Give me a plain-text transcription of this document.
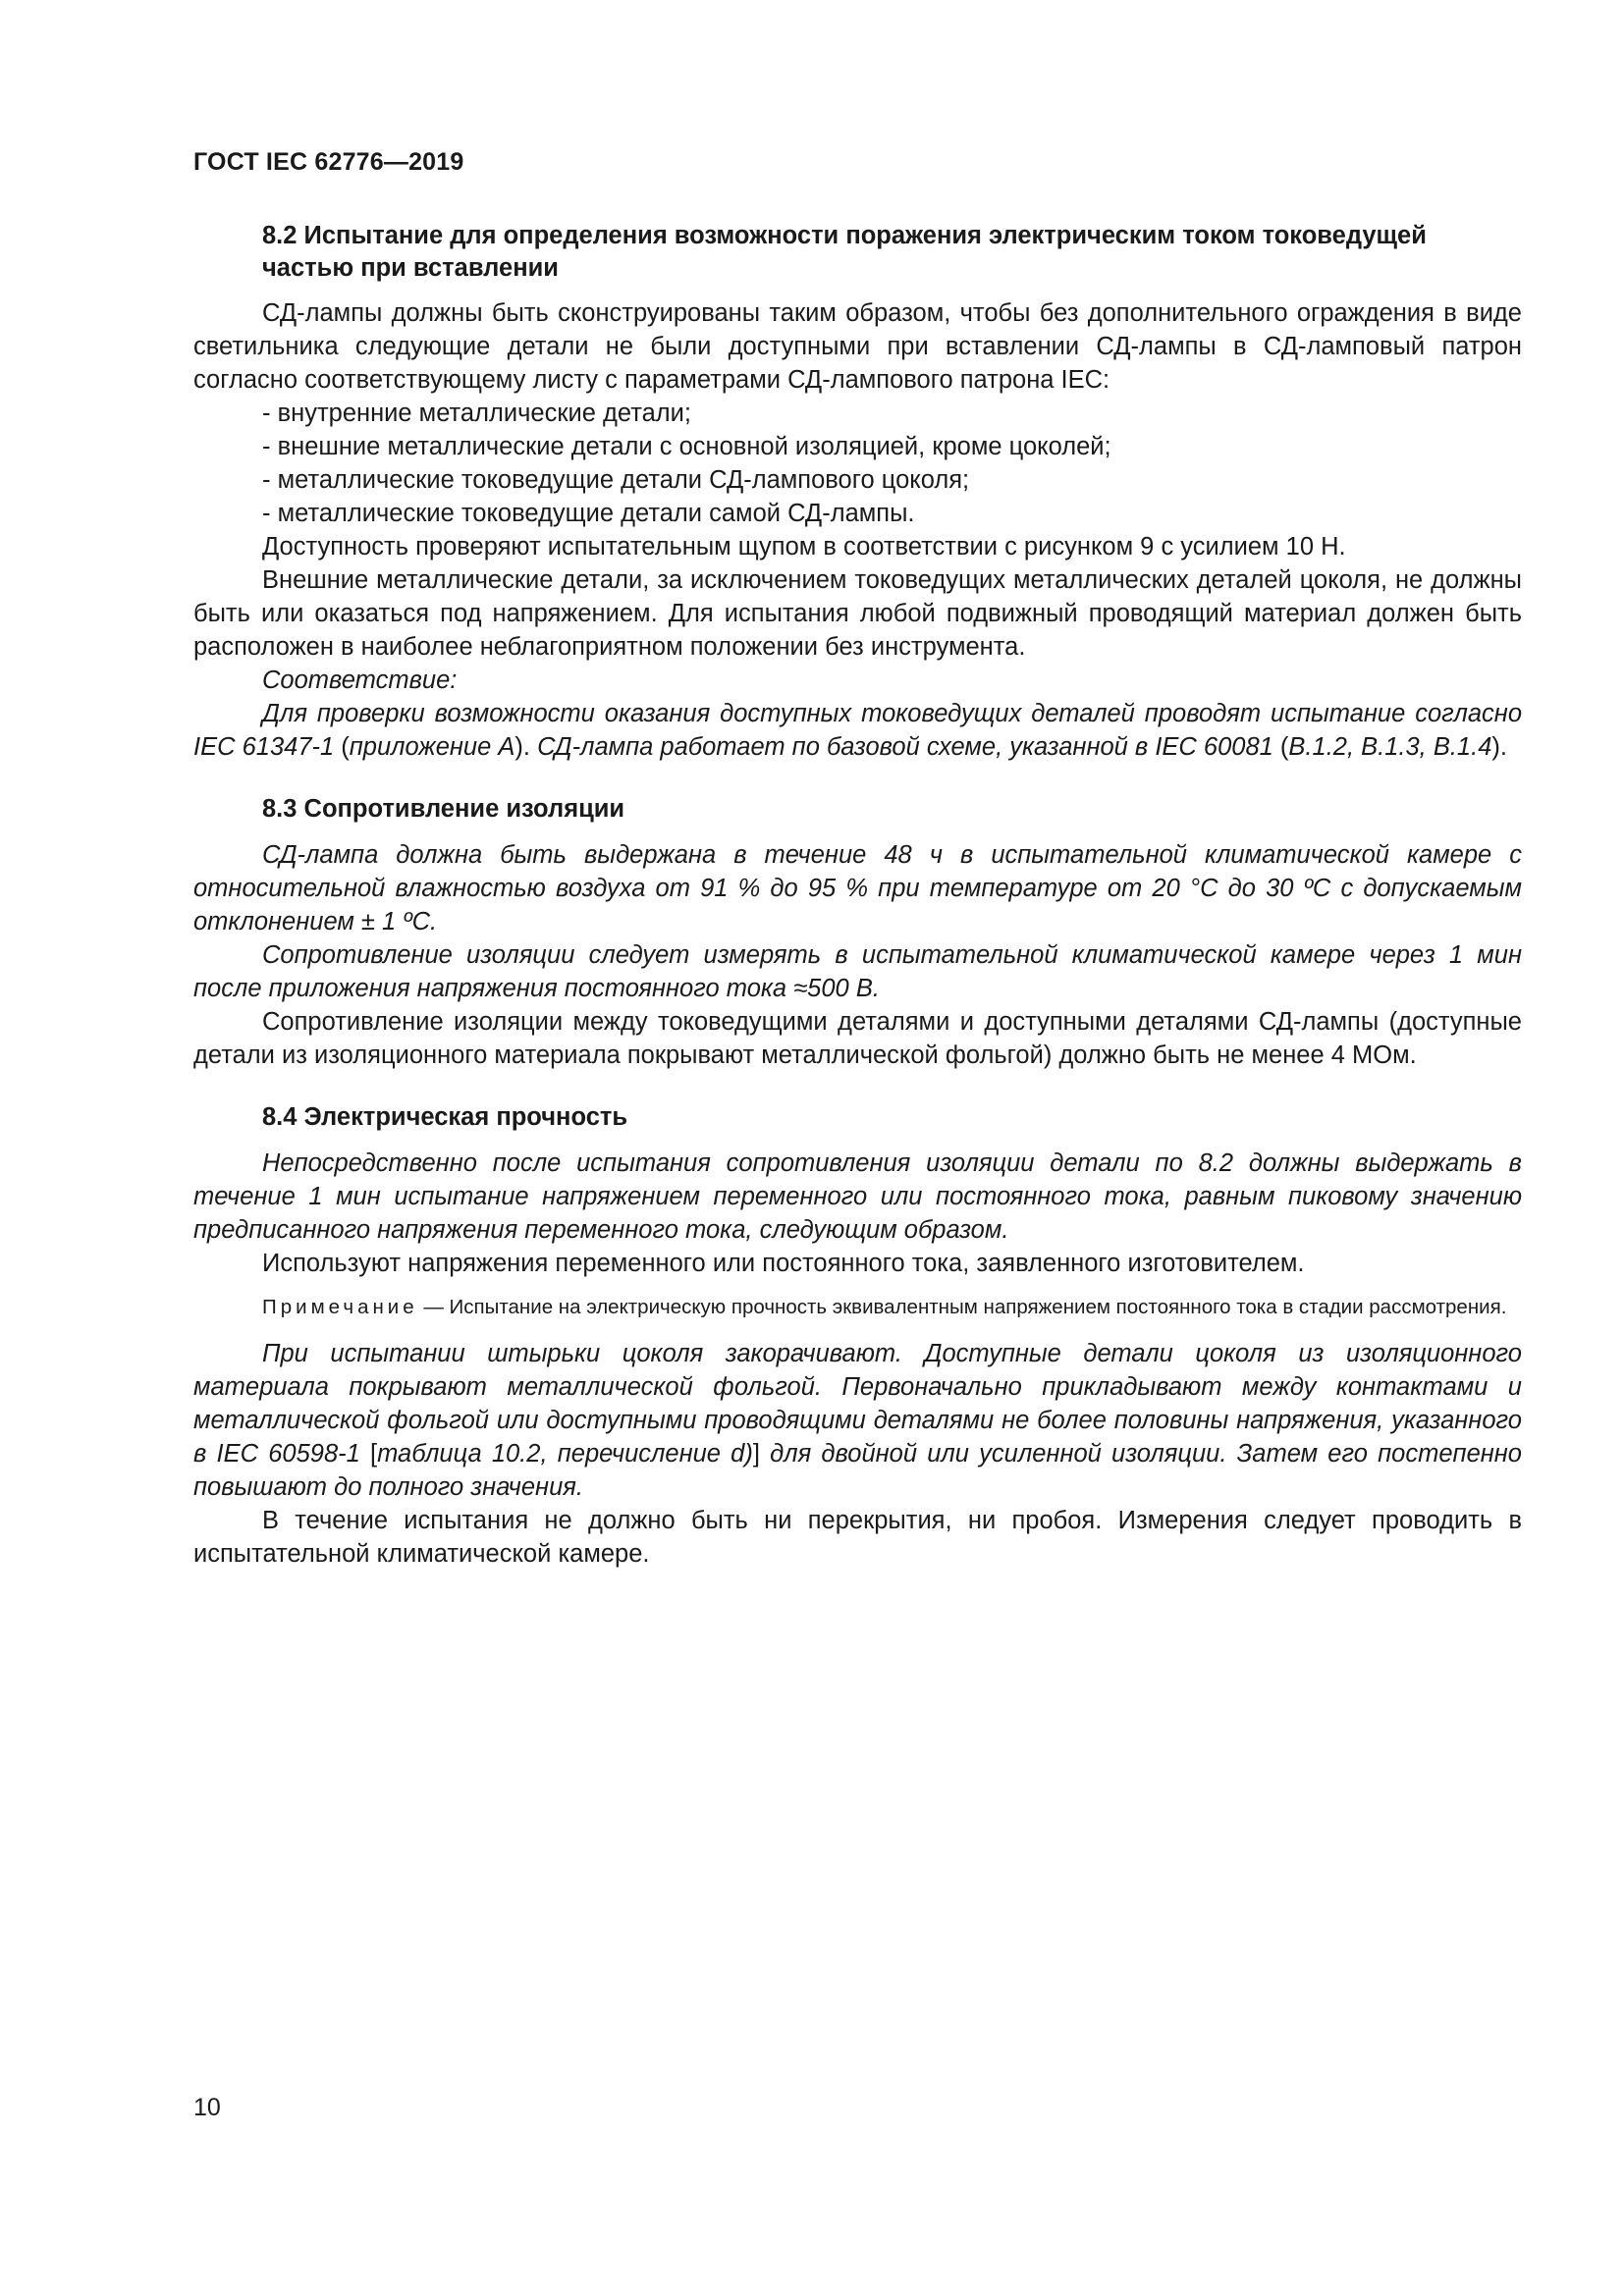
ГОСТ IEC 62776—2019

8.2 Испытание для определения возможности поражения электрическим током токоведущей
частью при вставлении

СД-лампы должны быть сконструированы таким образом, чтобы без дополнительного ограждения в виде светильника следующие детали не были доступными при вставлении СД-лампы в СД-ламповый патрон согласно соответствующему листу с параметрами СД-лампового патрона IEC:

- внутренние металлические детали;

- внешние металлические детали с основной изоляцией, кроме цоколей;

- металлические токоведущие детали СД-лампового цоколя;

- металлические токоведущие детали самой СД-лампы.

Доступность проверяют испытательным щупом в соответствии с рисунком 9 с усилием 10 Н.

Внешние металлические детали, за исключением токоведущих металлических деталей цоколя, не должны быть или оказаться под напряжением. Для испытания любой подвижный проводящий материал должен быть расположен в наиболее неблагоприятном положении без инструмента.

Соответствие:

Для проверки возможности оказания доступных токоведущих деталей проводят испытание согласно IEC 61347-1 (приложение А). СД-лампа работает по базовой схеме, указанной в IEC 60081 (В.1.2, В.1.3, В.1.4).

8.3 Сопротивление изоляции

СД-лампа должна быть выдержана в течение 48 ч в испытательной климатической камере с относительной влажностью воздуха от 91 % до 95 % при температуре от 20 °С до 30 ºС с допускаемым отклонением ± 1 ºС.

Сопротивление изоляции следует измерять в испытательной климатической камере через 1 мин после приложения напряжения постоянного тока ≈500 В.

Сопротивление изоляции между токоведущими деталями и доступными деталями СД-лампы (доступные детали из изоляционного материала покрывают металлической фольгой) должно быть не менее 4 МОм.

8.4 Электрическая прочность

Непосредственно после испытания сопротивления изоляции детали по 8.2 должны выдержать в течение 1 мин испытание напряжением переменного или постоянного тока, равным пиковому значению предписанного напряжения переменного тока, следующим образом.

Используют напряжения переменного или постоянного тока, заявленного изготовителем.

Примечание — Испытание на электрическую прочность эквивалентным напряжением постоянного тока в стадии рассмотрения.

При испытании штырьки цоколя закорачивают. Доступные детали цоколя из изоляционного материала покрывают металлической фольгой. Первоначально прикладывают между контактами и металлической фольгой или доступными проводящими деталями не более половины напряжения, указанного в IEC 60598-1 [таблица 10.2, перечисление d)] для двойной или усиленной изоляции. Затем его постепенно повышают до полного значения.

В течение испытания не должно быть ни перекрытия, ни пробоя. Измерения следует проводить в испытательной климатической камере.

10
